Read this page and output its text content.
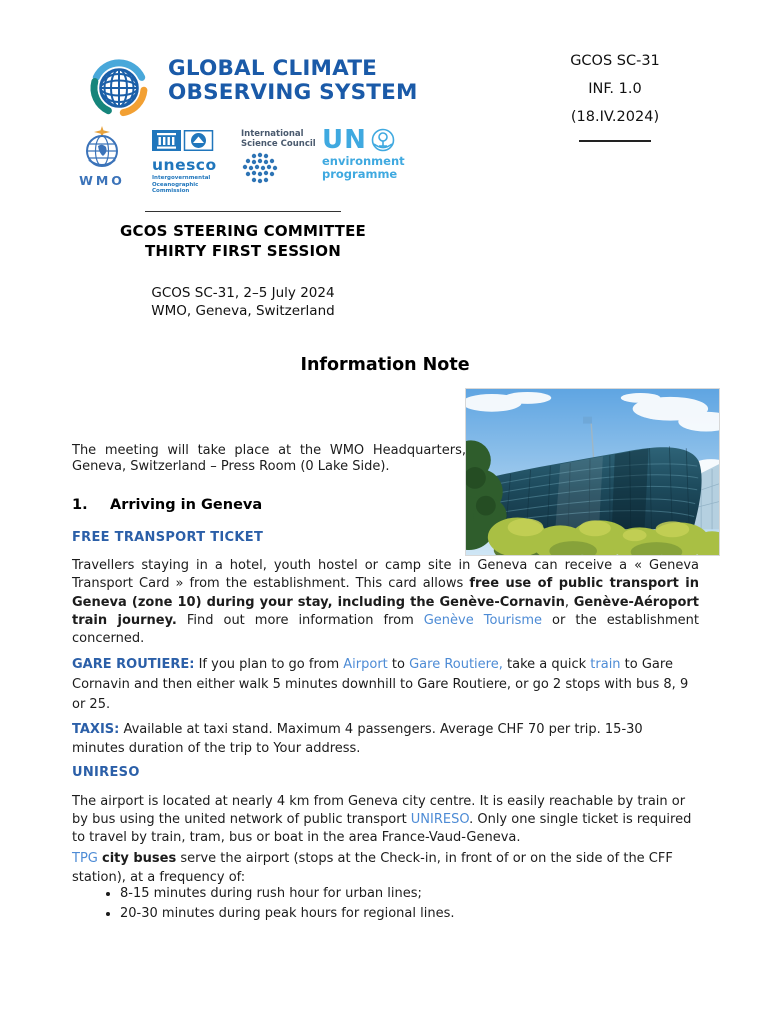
GLOBAL CLIMATE
OBSERVING SYSTEM
GCOS SC-31
INF. 1.0
(18.IV.2024)
WMO
unesco
Intergovernmental
Oceanographic
Commission
International
Science Council UN
environment
programme
GCOS STEERING COMMITTEE
THIRTY FIRST SESSION
GCOS SC-31, 2–5 July 2024
WMO, Geneva, Switzerland
Information Note

The meeting will take place at the WMO Headquarters, Geneva, Switzerland – Press Room (0 Lake Side).

1. Arriving in Geneva
FREE TRANSPORT TICKET

Travellers staying in a hotel, youth hostel or camp site in Geneva can receive a « Geneva Transport Card » from the establishment. This card allows free use of public transport in Geneva (zone 10) during your stay, including the Genève-Cornavin, Genève-Aéroport train journey. Find out more information from Genève Tourisme or the establishment concerned.

GARE ROUTIERE: If you plan to go from Airport to Gare Routiere, take a quick train to Gare Cornavin and then either walk 5 minutes downhill to Gare Routiere, or go 2 stops with bus 8, 9 or 25.

TAXIS: Available at taxi stand. Maximum 4 passengers. Average CHF 70 per trip. 15-30 minutes duration of the trip to Your address.

UNIRESO

The airport is located at nearly 4 km from Geneva city centre. It is easily reachable by train or by bus using the united network of public transport UNIRESO. Only one single ticket is required to travel by train, tram, bus or boat in the area France-Vaud-Geneva.

TPG city buses serve the airport (stops at the Check-in, in front of or on the side of the CFF station), at a frequency of:

• 8-15 minutes during rush hour for urban lines;
• 20-30 minutes during peak hours for regional lines.
